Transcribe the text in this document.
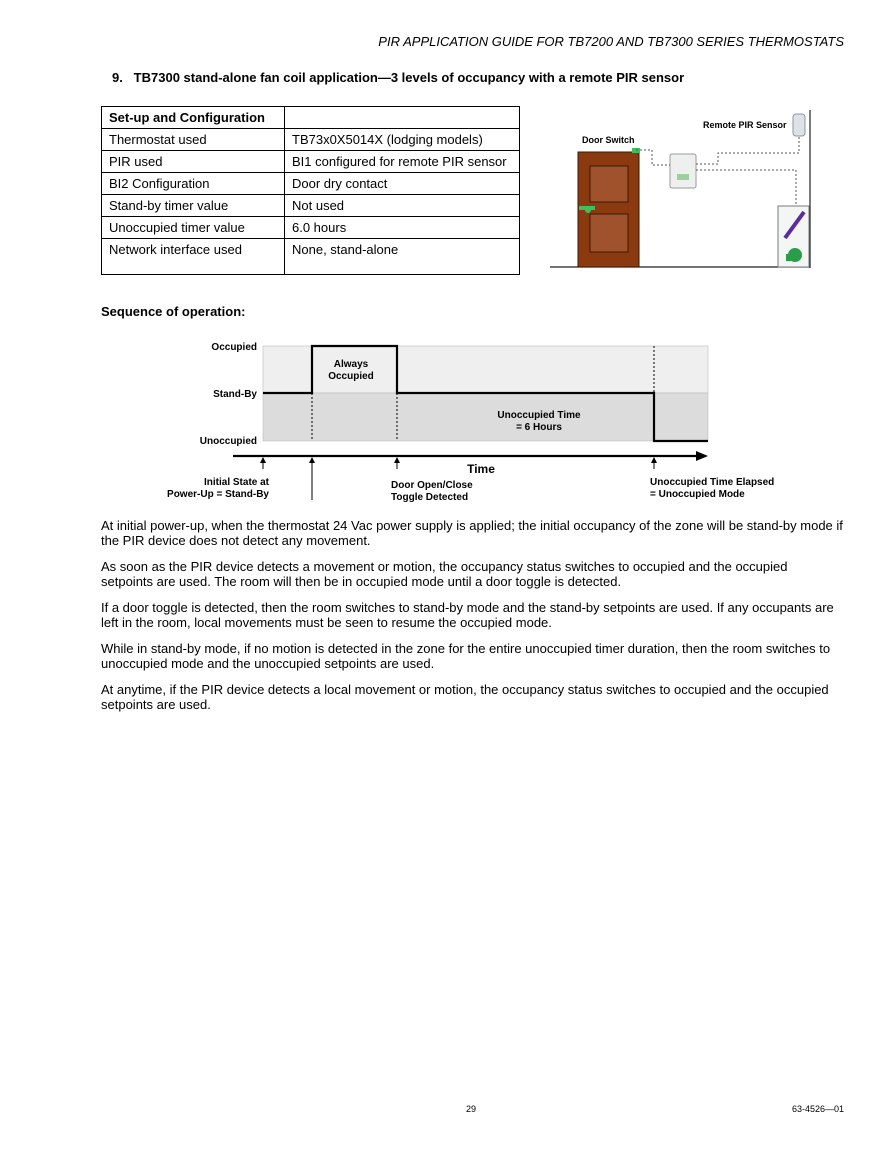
PIR APPLICATION GUIDE FOR TB7200 AND TB7300 SERIES THERMOSTATS
9.   TB7300 stand-alone fan coil application—3 levels of occupancy with a remote PIR sensor
Set-up and Configuration	
Thermostat used	TB73x0X5014X (lodging models)
PIR used	BI1 configured for remote PIR sensor
BI2 Configuration	Door dry contact
Stand-by timer value	Not used
Unoccupied timer value	6.0 hours
Network interface used	None, stand-alone
Door Switch
Remote PIR Sensor
Sequence of operation:
Occupied
Stand-By
Unoccupied
Always
Occupied
Unoccupied Time
= 6 Hours
Time
Initial State at
Power-Up = Stand-By
Door Open/Close
Toggle Detected
Unoccupied Time Elapsed
= Unoccupied Mode

At initial power-up, when the thermostat 24 Vac power supply is applied; the initial occupancy of the zone will be stand-by mode if the PIR device does not detect any movement.

As soon as the PIR device detects a movement or motion, the occupancy status switches to occupied and the occupied setpoints are used. The room will then be in occupied mode until a door toggle is detected.

If a door toggle is detected, then the room switches to stand-by mode and the stand-by setpoints are used. If any occupants are left in the room, local movements must be seen to resume the occupied mode.

While in stand-by mode, if no motion is detected in the zone for the entire unoccupied timer duration, then the room switches to unoccupied mode and the unoccupied setpoints are used.

At anytime, if the PIR device detects a local movement or motion, the occupancy status switches to occupied and the occupied setpoints are used.

29	63-4526—01
